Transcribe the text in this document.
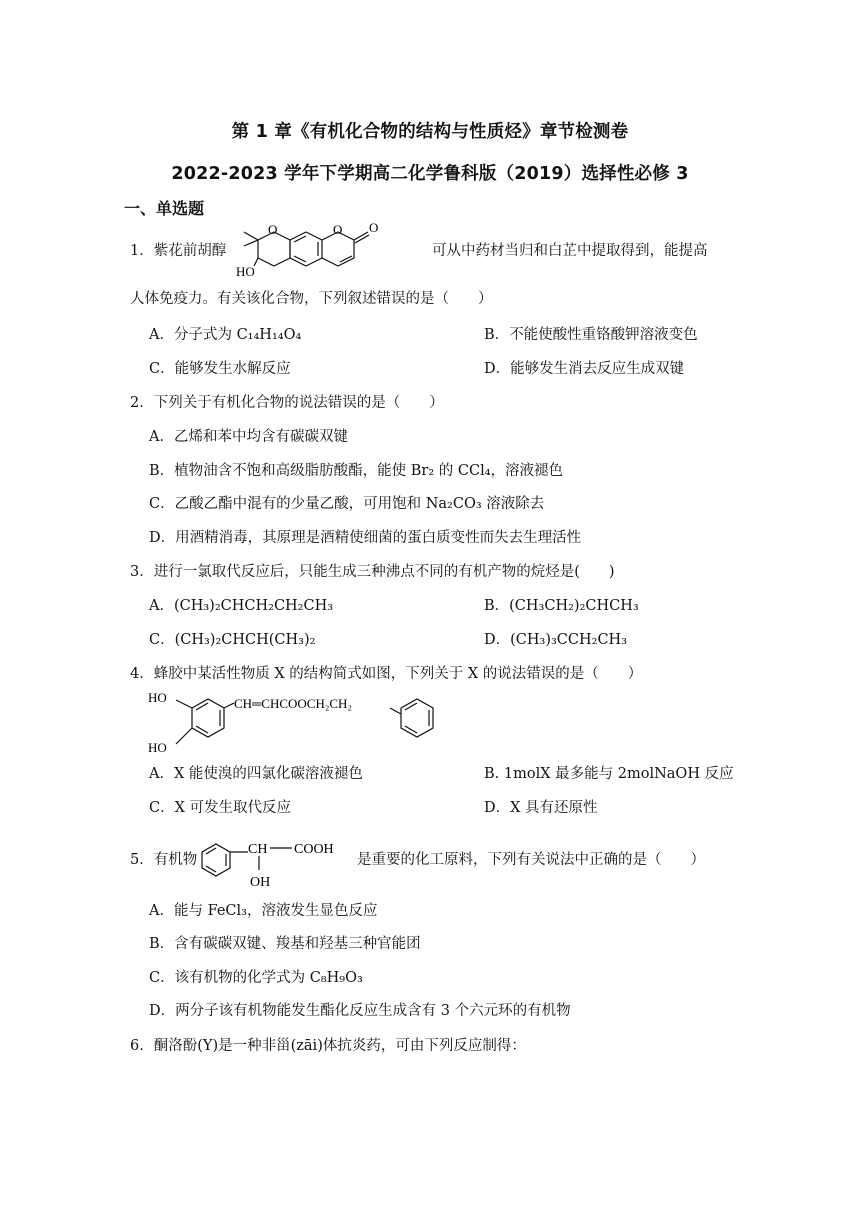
第 1 章《有机化合物的结构与性质烃》章节检测卷
2022-2023 学年下学期高二化学鲁科版（2019）选择性必修 3
一、单选题
1．紫花前胡醇
O	O O
HO
可从中药材当归和白芷中提取得到，能提高
人体免疫力。有关该化合物，下列叙述错误的是（　　）
A．分子式为 C₁₄H₁₄O₄	B．不能使酸性重铬酸钾溶液变色
C．能够发生水解反应	D．能够发生消去反应生成双键
2．下列关于有机化合物的说法错误的是（　　）
A．乙烯和苯中均含有碳碳双键
B．植物油含不饱和高级脂肪酸酯，能使 Br₂ 的 CCl₄，溶液褪色
C．乙酸乙酯中混有的少量乙酸，可用饱和 Na₂CO₃ 溶液除去
D．用酒精消毒，其原理是酒精使细菌的蛋白质变性而失去生理活性
3．进行一氯取代反应后，只能生成三种沸点不同的有机产物的烷烃是(　　)
A．(CH₃)₂CHCH₂CH₂CH₃	B．(CH₃CH₂)₂CHCH₃
C．(CH₃)₂CHCH(CH₃)₂	D．(CH₃)₃CCH₂CH₃
4．蜂胶中某活性物质 X 的结构简式如图，下列关于 X 的说法错误的是（　　）
HO
HO
CH═CHCOOCH₂CH₂
A．X 能使溴的四氯化碳溶液褪色	B. 1molX 最多能与 2molNaOH 反应
C．X 可发生取代反应	D．X 具有还原性
5．有机物
CH COOH
OH
是重要的化工原料，下列有关说法中正确的是（　　）
A．能与 FeCl₃，溶液发生显色反应
B．含有碳碳双键、羧基和羟基三种官能团
C．该有机物的化学式为 C₈H₉O₃
D．两分子该有机物能发生酯化反应生成含有 3 个六元环的有机物
6．酮洛酚(Y)是一种非甾(zāi)体抗炎药，可由下列反应制得：
